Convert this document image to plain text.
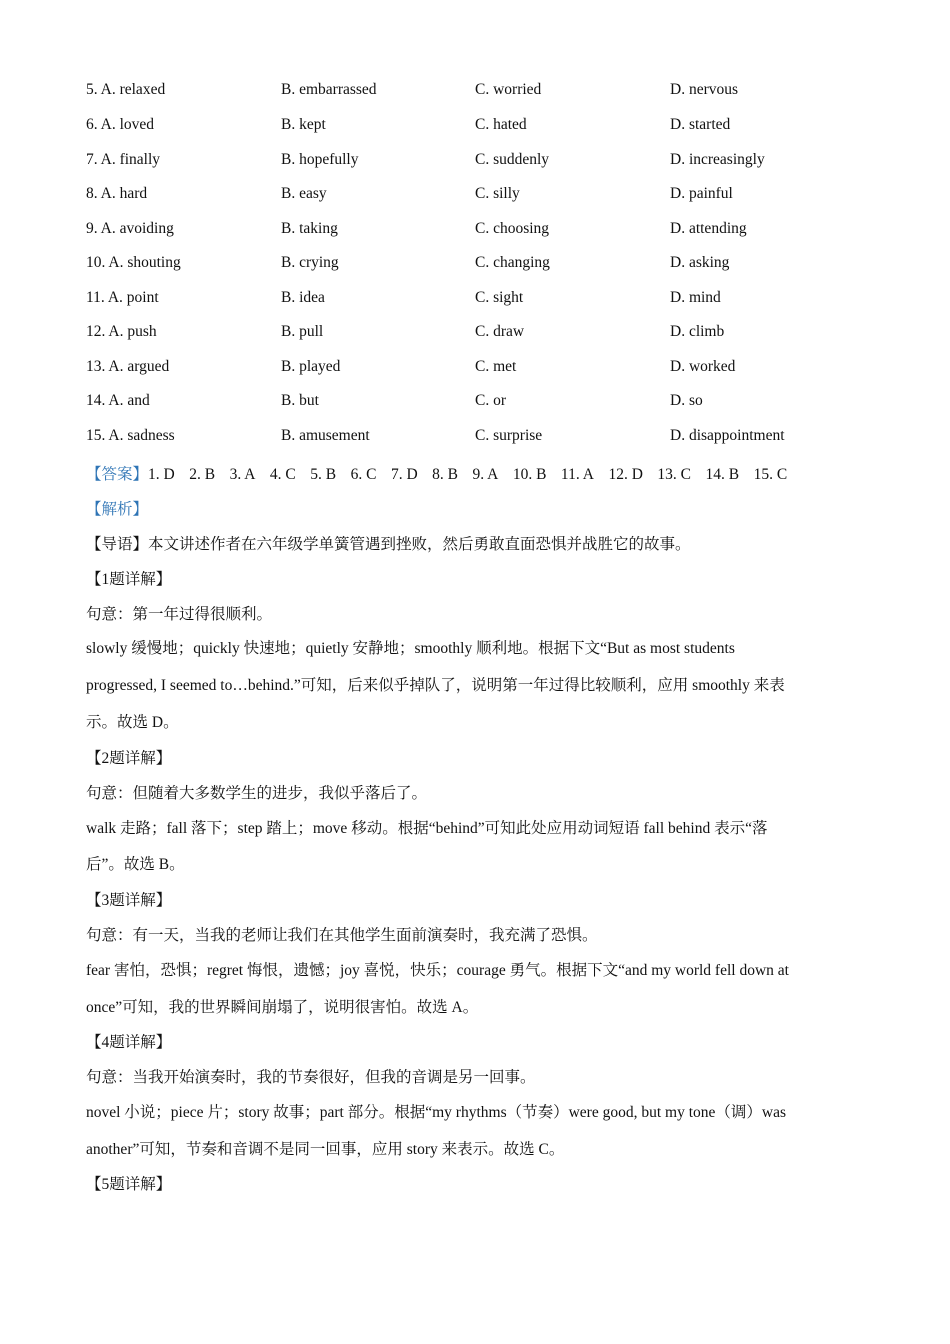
5. A. relaxed	B. embarrassed	C. worried	D. nervous
6. A. loved	B. kept	C. hated	D. started
7. A. finally	B. hopefully	C. suddenly	D. increasingly
8. A. hard	B. easy	C. silly	D. painful
9. A. avoiding	B. taking	C. choosing	D. attending
10. A. shouting	B. crying	C. changing	D. asking
11. A. point	B. idea	C. sight	D. mind
12. A. push	B. pull	C. draw	D. climb
13. A. argued	B. played	C. met	D. worked
14. A. and	B. but	C. or	D. so
15. A. sadness	B. amusement	C. surprise	D. disappointment
【答案】1. D 2. B 3. A 4. C 5. B 6. C 7. D 8. B 9. A 10. B 11. A 12. D 13. C 14. B 15. C
【解析】
【导语】本文讲述作者在六年级学单簧管遇到挫败，然后勇敢直面恐惧并战胜它的故事。
【1题详解】
句意：第一年过得很顺利。
slowly 缓慢地；quickly 快速地；quietly 安静地；smoothly 顺利地。根据下文“But as most students
progressed, I seemed to…behind.”可知，后来似乎掉队了，说明第一年过得比较顺利，应用 smoothly 来表
示。故选 D。
【2题详解】
句意：但随着大多数学生的进步，我似乎落后了。
walk 走路；fall 落下；step 踏上；move 移动。根据“behind”可知此处应用动词短语 fall behind 表示“落
后”。故选 B。
【3题详解】
句意：有一天，当我的老师让我们在其他学生面前演奏时，我充满了恐惧。
fear 害怕，恐惧；regret 悔恨，遗憾；joy 喜悦，快乐；courage 勇气。根据下文“and my world fell down at
once”可知，我的世界瞬间崩塌了，说明很害怕。故选 A。
【4题详解】
句意：当我开始演奏时，我的节奏很好，但我的音调是另一回事。
novel 小说；piece 片；story 故事；part 部分。根据“my rhythms（节奏）were good, but my tone（调）was
another”可知，节奏和音调不是同一回事，应用 story 来表示。故选 C。
【5题详解】
